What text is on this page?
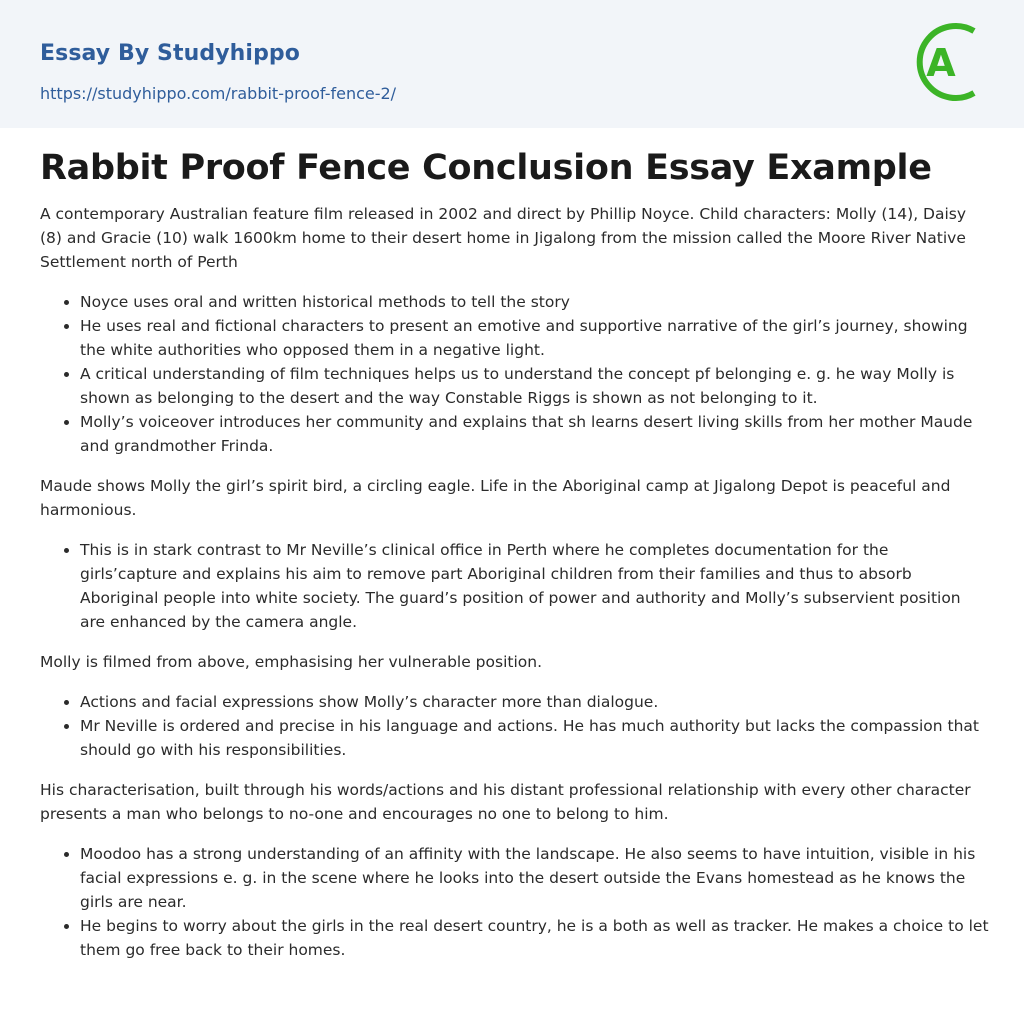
Essay By Studyhippo
https://studyhippo.com/rabbit-proof-fence-2/
A
Rabbit Proof Fence Conclusion Essay Example

A contemporary Australian feature film released in 2002 and direct by Phillip Noyce. Child characters: Molly (14), Daisy (8) and Gracie (10) walk 1600km home to their desert home in Jigalong from the mission called the Moore River Native Settlement north of Perth

• Noyce uses oral and written historical methods to tell the story
• He uses real and fictional characters to present an emotive and supportive narrative of the girl’s journey, showing the white authorities who opposed them in a negative light.
• A critical understanding of film techniques helps us to understand the concept pf belonging e. g. he way Molly is shown as belonging to the desert and the way Constable Riggs is shown as not belonging to it.
• Molly’s voiceover introduces her community and explains that sh learns desert living skills from her mother Maude and grandmother Frinda.

Maude shows Molly the girl’s spirit bird, a circling eagle. Life in the Aboriginal camp at Jigalong Depot is peaceful and harmonious.

• This is in stark contrast to Mr Neville’s clinical office in Perth where he completes documentation for the girls’capture and explains his aim to remove part Aboriginal children from their families and thus to absorb Aboriginal people into white society. The guard’s position of power and authority and Molly’s subservient position are enhanced by the camera angle.

Molly is filmed from above, emphasising her vulnerable position.

• Actions and facial expressions show Molly’s character more than dialogue.
• Mr Neville is ordered and precise in his language and actions. He has much authority but lacks the compassion that should go with his responsibilities.

His characterisation, built through his words/actions and his distant professional relationship with every other character presents a man who belongs to no-one and encourages no one to belong to him.

• Moodoo has a strong understanding of an affinity with the landscape. He also seems to have intuition, visible in his facial expressions e. g. in the scene where he looks into the desert outside the Evans homestead as he knows the girls are near.
• He begins to worry about the girls in the real desert country, he is a both as well as tracker. He makes a choice to let them go free back to their homes.
